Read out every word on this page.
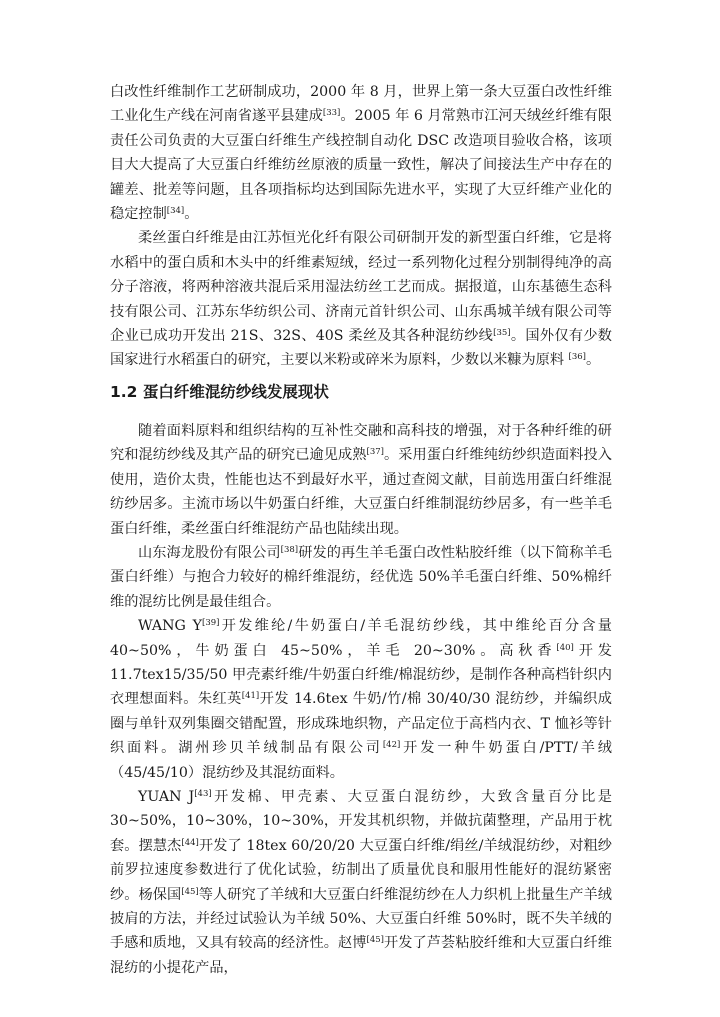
白改性纤维制作工艺研制成功，2000 年 8 月，世界上第一条大豆蛋白改性纤维工业化生产线在河南省遂平县建成[33]。2005 年 6 月常熟市江河天绒丝纤维有限责任公司负责的大豆蛋白纤维生产线控制自动化 DSC 改造项目验收合格，该项目大大提高了大豆蛋白纤维纺丝原液的质量一致性，解决了间接法生产中存在的罐差、批差等问题，且各项指标均达到国际先进水平，实现了大豆纤维产业化的稳定控制[34]。

柔丝蛋白纤维是由江苏恒光化纤有限公司研制开发的新型蛋白纤维，它是将水稻中的蛋白质和木头中的纤维素短绒，经过一系列物化过程分别制得纯净的高分子溶液，将两种溶液共混后采用湿法纺丝工艺而成。据报道，山东基德生态科技有限公司、江苏东华纺织公司、济南元首针织公司、山东禹城羊绒有限公司等企业已成功开发出 21S、32S、40S 柔丝及其各种混纺纱线[35]。国外仅有少数国家进行水稻蛋白的研究，主要以米粉或碎米为原料，少数以米糠为原料 [36]。

1.2 蛋白纤维混纺纱线发展现状

随着面料原料和组织结构的互补性交融和高科技的增强，对于各种纤维的研究和混纺纱线及其产品的研究已逾见成熟[37]。采用蛋白纤维纯纺纱织造面料投入使用，造价太贵，性能也达不到最好水平，通过查阅文献，目前选用蛋白纤维混纺纱居多。主流市场以牛奶蛋白纤维，大豆蛋白纤维制混纺纱居多，有一些羊毛蛋白纤维，柔丝蛋白纤维混纺产品也陆续出现。

山东海龙股份有限公司[38]研发的再生羊毛蛋白改性粘胶纤维（以下简称羊毛蛋白纤维）与抱合力较好的棉纤维混纺，经优选 50%羊毛蛋白纤维、50%棉纤维的混纺比例是最佳组合。

WANG Y[39]开发维纶/牛奶蛋白/羊毛混纺纱线，其中维纶百分含量 40~50%，牛奶蛋白 45~50%，羊毛 20~30%。高秋香[40]开发 11.7tex15/35/50 甲壳素纤维/牛奶蛋白纤维/棉混纺纱，是制作各种高档针织内衣理想面料。朱红英[41]开发 14.6tex 牛奶/竹/棉 30/40/30 混纺纱，并编织成圈与单针双列集圈交错配置，形成珠地织物，产品定位于高档内衣、T 恤衫等针织面料。湖州珍贝羊绒制品有限公司[42]开发一种牛奶蛋白/PTT/羊绒（45/45/10）混纺纱及其混纺面料。

YUAN J[43]开发棉、甲壳素、大豆蛋白混纺纱，大致含量百分比是 30~50%，10~30%，10~30%，开发其机织物，并做抗菌整理，产品用于枕套。摆慧杰[44]开发了 18tex 60/20/20 大豆蛋白纤维/绢丝/羊绒混纺纱，对粗纱前罗拉速度参数进行了优化试验，纺制出了质量优良和服用性能好的混纺紧密纱。杨保国[45]等人研究了羊绒和大豆蛋白纤维混纺纱在人力织机上批量生产羊绒披肩的方法，并经过试验认为羊绒 50%、大豆蛋白纤维 50%时，既不失羊绒的手感和质地，又具有较高的经济性。赵博[45]开发了芦荟粘胶纤维和大豆蛋白纤维混纺的小提花产品，
